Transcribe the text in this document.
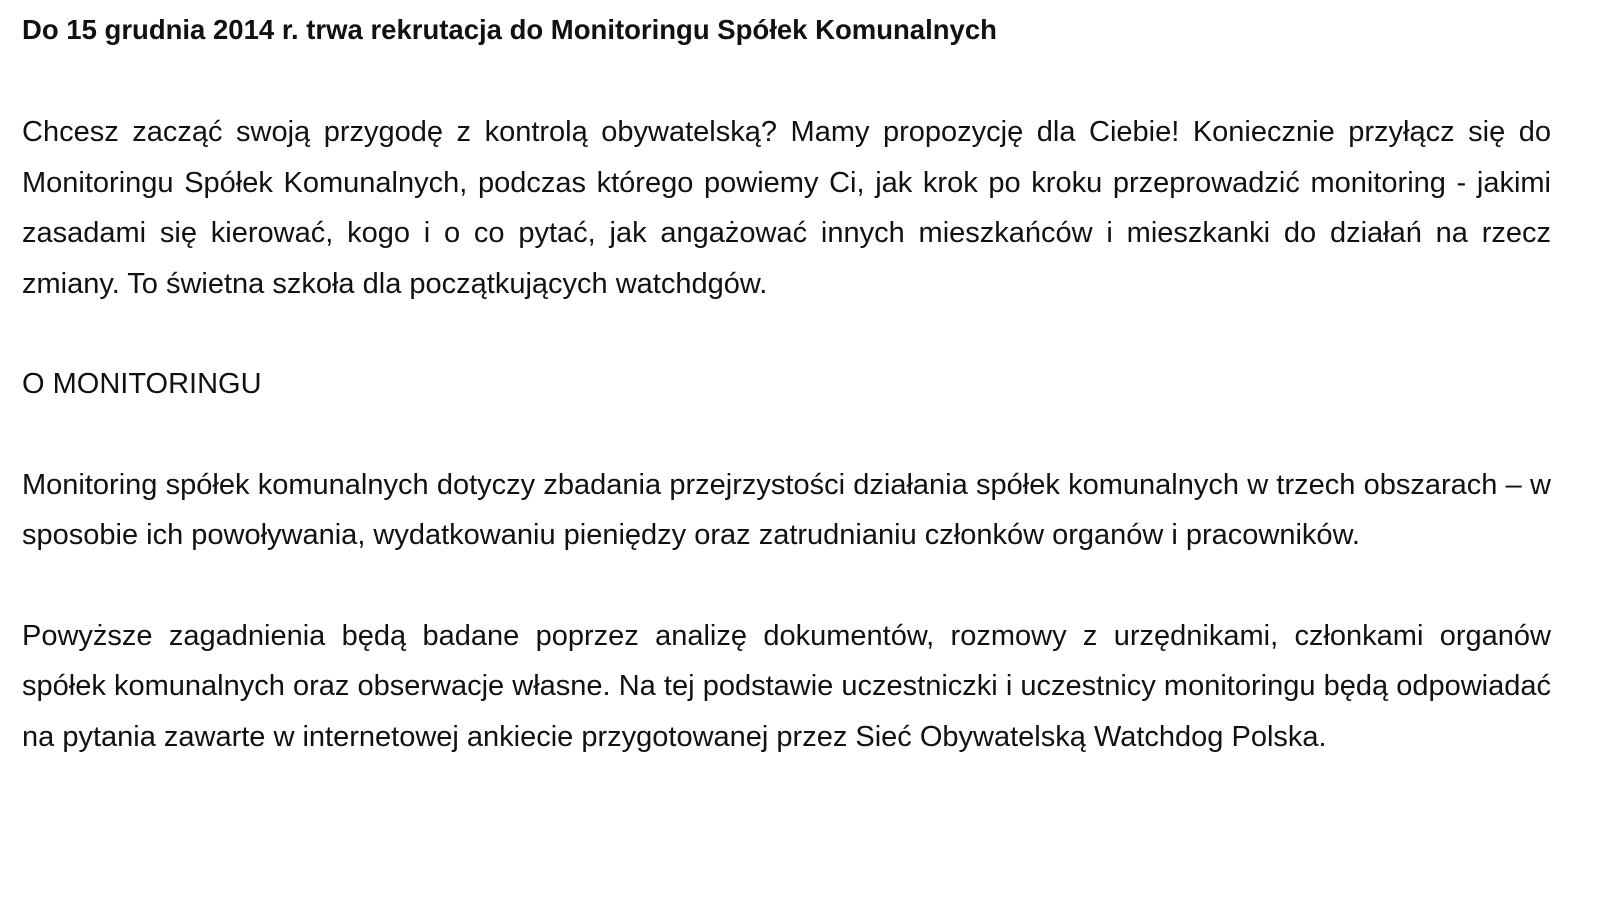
Do 15 grudnia 2014 r. trwa rekrutacja do Monitoringu Spółek Komunalnych

Chcesz zacząć swoją przygodę z kontrolą obywatelską? Mamy propozycję dla Ciebie! Koniecznie przyłącz się do Monitoringu Spółek Komunalnych, podczas którego powiemy Ci, jak krok po kroku przeprowadzić monitoring - jakimi zasadami się kierować, kogo i o co pytać, jak angażować innych mieszkańców i mieszkanki do działań na rzecz zmiany. To świetna szkoła dla początkujących watchdgów.

O MONITORINGU

Monitoring spółek komunalnych dotyczy zbadania przejrzystości działania spółek komunalnych w trzech obszarach – w sposobie ich powoływania, wydatkowaniu pieniędzy oraz zatrudnianiu członków organów i pracowników.

Powyższe zagadnienia będą badane poprzez analizę dokumentów, rozmowy z urzędnikami, członkami organów spółek komunalnych oraz obserwacje własne. Na tej podstawie uczestniczki i uczestnicy monitoringu będą odpowiadać na pytania zawarte w internetowej ankiecie przygotowanej przez Sieć Obywatelską Watchdog Polska.
